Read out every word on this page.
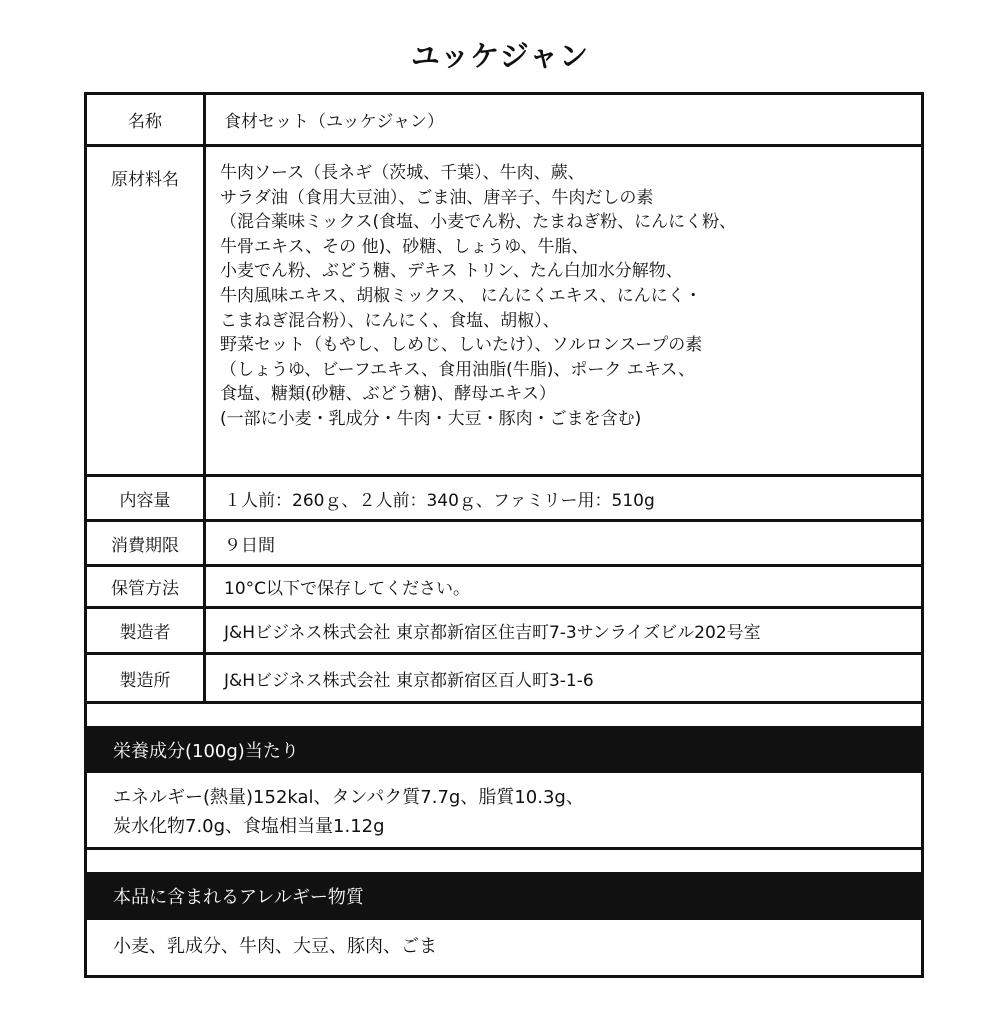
ユッケジャン
名称	食材セット（ユッケジャン）
原材料名	牛肉ソース（長ネギ（茨城、千葉）、牛肉、蕨、
サラダ油（食用大豆油）、ごま油、唐辛子、牛肉だしの素
（混合薬味ミックス(食塩、小麦でん粉、たまねぎ粉、にんにく粉、
牛骨エキス、その 他)、砂糖、しょうゆ、牛脂、
小麦でん粉、ぶどう糖、デキス トリン、たん白加水分解物、
牛肉風味エキス、胡椒ミックス、 にんにくエキス、にんにく・
こまねぎ混合粉）、にんにく、食塩、胡椒）、
野菜セット（もやし、しめじ、しいたけ）、ソルロンスープの素
（しょうゆ、ビーフエキス、食用油脂(牛脂)、ポーク エキス、
食塩、糖類(砂糖、ぶどう糖)、酵母エキス）
(一部に小麦・乳成分・牛肉・大豆・豚肉・ごまを含む)
内容量	１人前：260ｇ、２人前：340ｇ、ファミリー用：510g
消費期限	９日間
保管方法	10°C以下で保存してください。
製造者	J&Hビジネス株式会社 東京都新宿区住吉町7-3サンライズビル202号室
製造所	J&Hビジネス株式会社 東京都新宿区百人町3-1-6
栄養成分(100g)当たり
エネルギー(熱量)152kal、タンパク質7.7g、脂質10.3g、
炭水化物7.0g、食塩相当量1.12g
本品に含まれるアレルギー物質
小麦、乳成分、牛肉、大豆、豚肉、ごま
